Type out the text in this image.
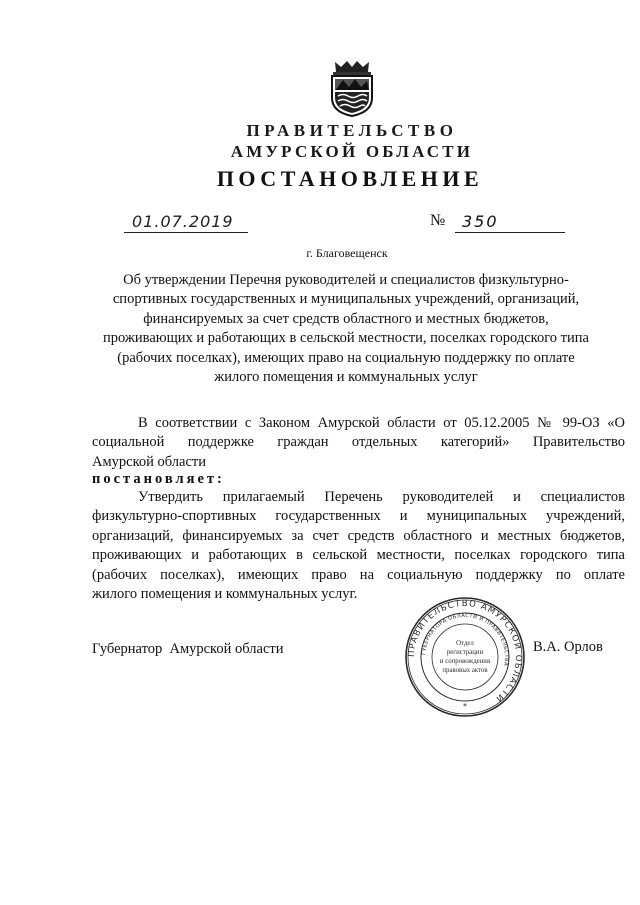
ПРАВИТЕЛЬСТВО
АМУРСКОЙ ОБЛАСТИ
ПОСТАНОВЛЕНИЕ
01.07.2019	№ 350
г. Благовещенск
Об утверждении Перечня руководителей и специалистов физкультурно-
спортивных государственных и муниципальных учреждений, организаций,
финансируемых за счет средств областного и местных бюджетов,
проживающих и работающих в сельской местности, поселках городского типа
(рабочих поселках), имеющих право на социальную поддержку по оплате
жилого помещения и коммунальных услуг
В соответствии с Законом Амурской области от 05.12.2005 № 99-ОЗ «О
социальной поддержке граждан отдельных категорий» Правительство
Амурской области
постановляет:
Утвердить прилагаемый Перечень руководителей и специалистов
физкультурно-спортивных государственных и муниципальных учреждений,
организаций, финансируемых за счет средств областного и местных бюджетов,
проживающих и работающих в сельской местности, поселках городского типа
(рабочих поселках), имеющих право на социальную поддержку по оплате
жилого помещения и коммунальных услуг.
Губернатор  Амурской области	В.А. Орлов
ПРАВИТЕЛЬСТВО АМУРСКОЙ ОБЛАСТИ
ГУБЕРНАТОРА ОБЛАСТИ И ПРАВИТЕЛЬСТВА
Отдел
регистрации
и сопровождения
правовых актов
*
